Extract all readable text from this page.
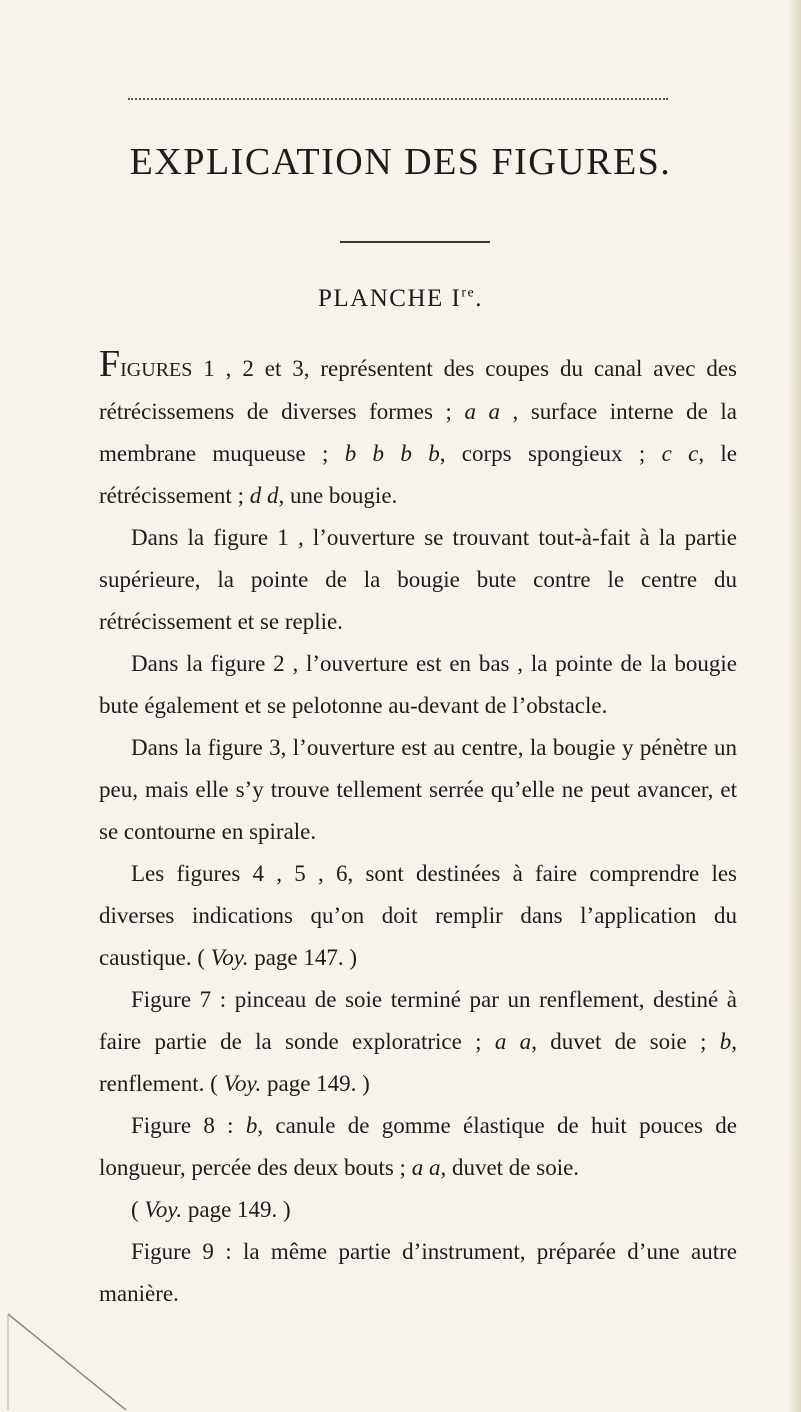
EXPLICATION DES FIGURES.
PLANCHE Ire.

FIGURES 1 , 2 et 3, représentent des coupes du canal avec des rétrécissemens de diverses formes ; a a , surface interne de la membrane muqueuse ; b b b b, corps spongieux ; c c, le rétrécissement ; d d, une bougie.

Dans la figure 1 , l’ouverture se trouvant tout-à-fait à la partie supérieure, la pointe de la bougie bute contre le centre du rétrécissement et se replie.

Dans la figure 2 , l’ouverture est en bas , la pointe de la bougie bute également et se pelotonne au-devant de l’obstacle.

Dans la figure 3, l’ouverture est au centre, la bougie y pénètre un peu, mais elle s’y trouve tellement serrée qu’elle ne peut avancer, et se contourne en spirale.

Les figures 4 , 5 , 6, sont destinées à faire comprendre les diverses indications qu’on doit remplir dans l’application du caustique. ( Voy. page 147. )

Figure 7 : pinceau de soie terminé par un renflement, destiné à faire partie de la sonde exploratrice ; a a, duvet de soie ; b, renflement. ( Voy. page 149. )

Figure 8 : b, canule de gomme élastique de huit pouces de longueur, percée des deux bouts ; a a, duvet de soie.

( Voy. page 149. )

Figure 9 : la même partie d’instrument, préparée d’une autre manière.
